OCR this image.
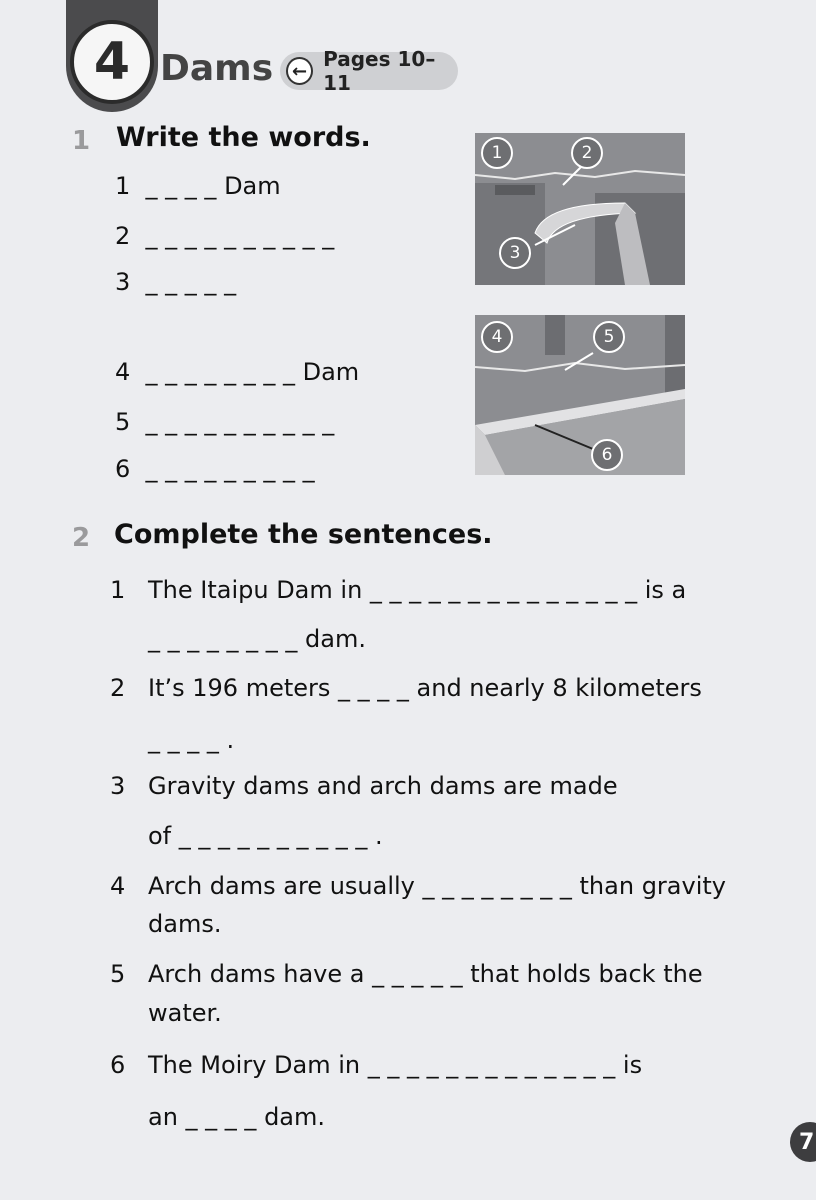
4 Dams	← Pages 10–11
1 Write the words.
1 _ _ _ _ Dam
2 _ _ _ _ _ _ _ _ _ _
3 _ _ _ _ _
4 _ _ _ _ _ _ _ _ Dam
5 _ _ _ _ _ _ _ _ _ _
6 _ _ _ _ _ _ _ _ _
1	2
3
4	5
6
2 Complete the sentences.
1 The Itaipu Dam in _ _ _ _ _ _ _ _ _ _ _ _ _ _ is a
_ _ _ _ _ _ _ _ dam.
2 It’s 196 meters _ _ _ _ and nearly 8 kilometers
_ _ _ _ .
3 Gravity dams and arch dams are made
of _ _ _ _ _ _ _ _ _ _ .
4 Arch dams are usually _ _ _ _ _ _ _ _ than gravity
dams.
5 Arch dams have a _ _ _ _ _ that holds back the
water.
6 The Moiry Dam in _ _ _ _ _ _ _ _ _ _ _ _ _ is
an _ _ _ _ dam.
7
